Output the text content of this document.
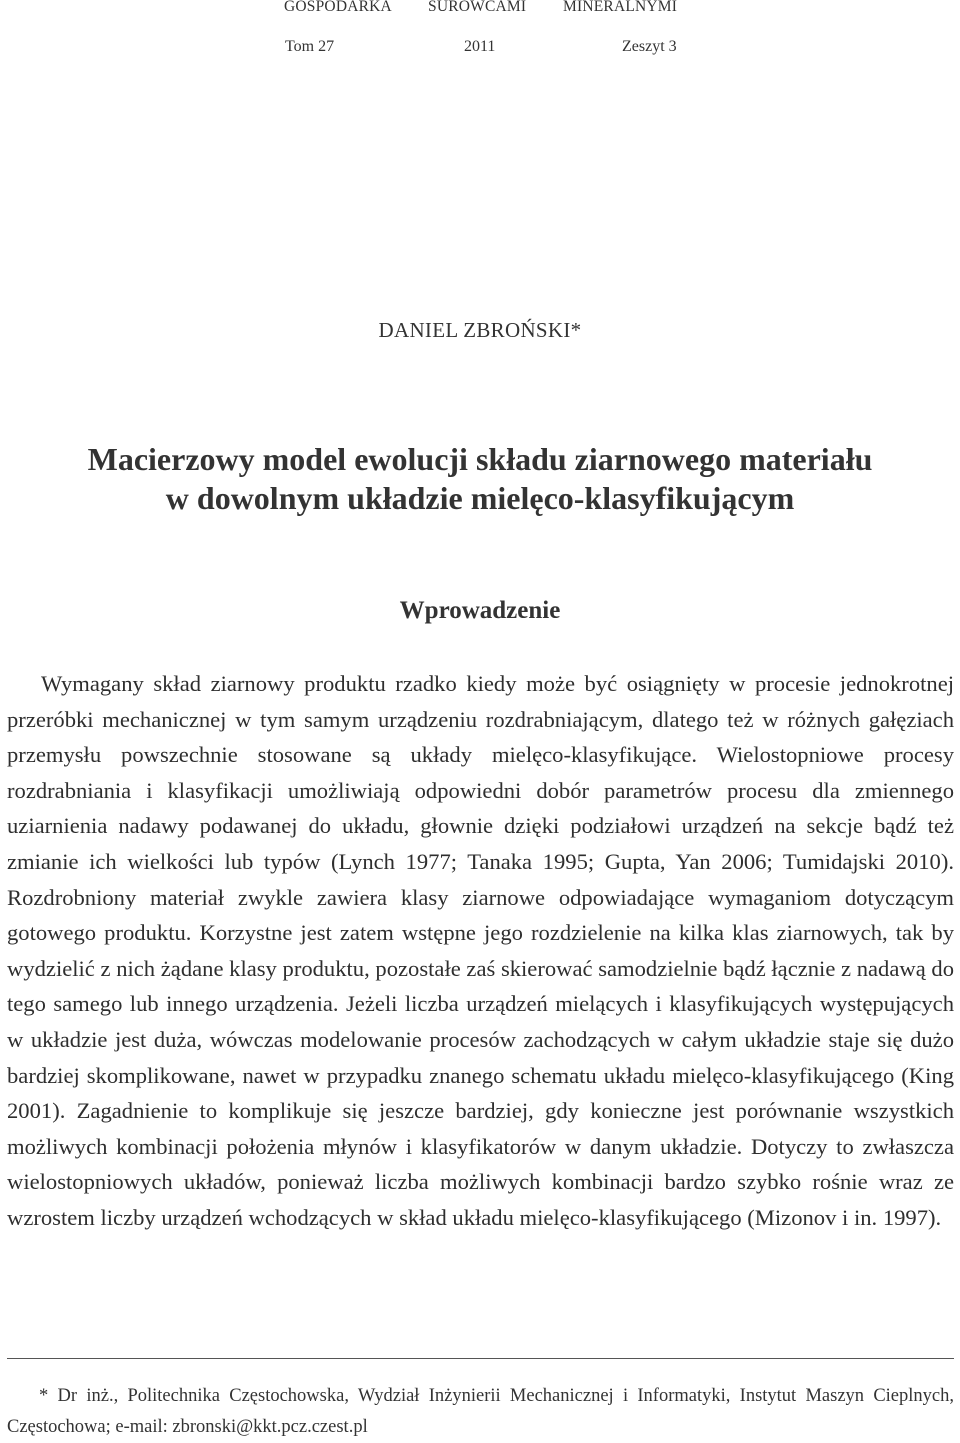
GOSPODARKA SUROWCAMI MINERALNYMI
Tom 27	2011	Zeszyt 3
DANIEL ZBROŃSKI*
Macierzowy model ewolucji składu ziarnowego materiału
w dowolnym układzie mielęco-klasyfikującym
Wprowadzenie

Wymagany skład ziarnowy produktu rzadko kiedy może być osiągnięty w procesie jednokrotnej przeróbki mechanicznej w tym samym urządzeniu rozdrabniającym, dlatego też w różnych gałęziach przemysłu powszechnie stosowane są układy mielęco-klasyfikujące. Wielostopniowe procesy rozdrabniania i klasyfikacji umożliwiają odpowiedni dobór parametrów procesu dla zmiennego uziarnienia nadawy podawanej do układu, głownie dzięki podziałowi urządzeń na sekcje bądź też zmianie ich wielkości lub typów (Lynch 1977; Tanaka 1995; Gupta, Yan 2006; Tumidajski 2010). Rozdrobniony materiał zwykle zawiera klasy ziarnowe odpowiadające wymaganiom dotyczącym gotowego produktu. Korzystne jest zatem wstępne jego rozdzielenie na kilka klas ziarnowych, tak by wydzielić z nich żądane klasy produktu, pozostałe zaś skierować samodzielnie bądź łącznie z nadawą do tego samego lub innego urządzenia. Jeżeli liczba urządzeń mielących i klasyfikujących występujących w układzie jest duża, wówczas modelowanie procesów zachodzących w całym układzie staje się dużo bardziej skomplikowane, nawet w przypadku znanego schematu układu mielęco-klasyfikującego (King 2001). Zagadnienie to komplikuje się jeszcze bardziej, gdy konieczne jest porównanie wszystkich możliwych kombinacji położenia młynów i klasyfikatorów w danym układzie. Dotyczy to zwłaszcza wielostopniowych układów, ponieważ liczba możliwych kombinacji bardzo szybko rośnie wraz ze wzrostem liczby urządzeń wchodzących w skład układu mielęco-klasyfikującego (Mizonov i in. 1997).

* Dr inż., Politechnika Częstochowska, Wydział Inżynierii Mechanicznej i Informatyki, Instytut Maszyn Cieplnych, Częstochowa; e-mail: zbronski@kkt.pcz.czest.pl
